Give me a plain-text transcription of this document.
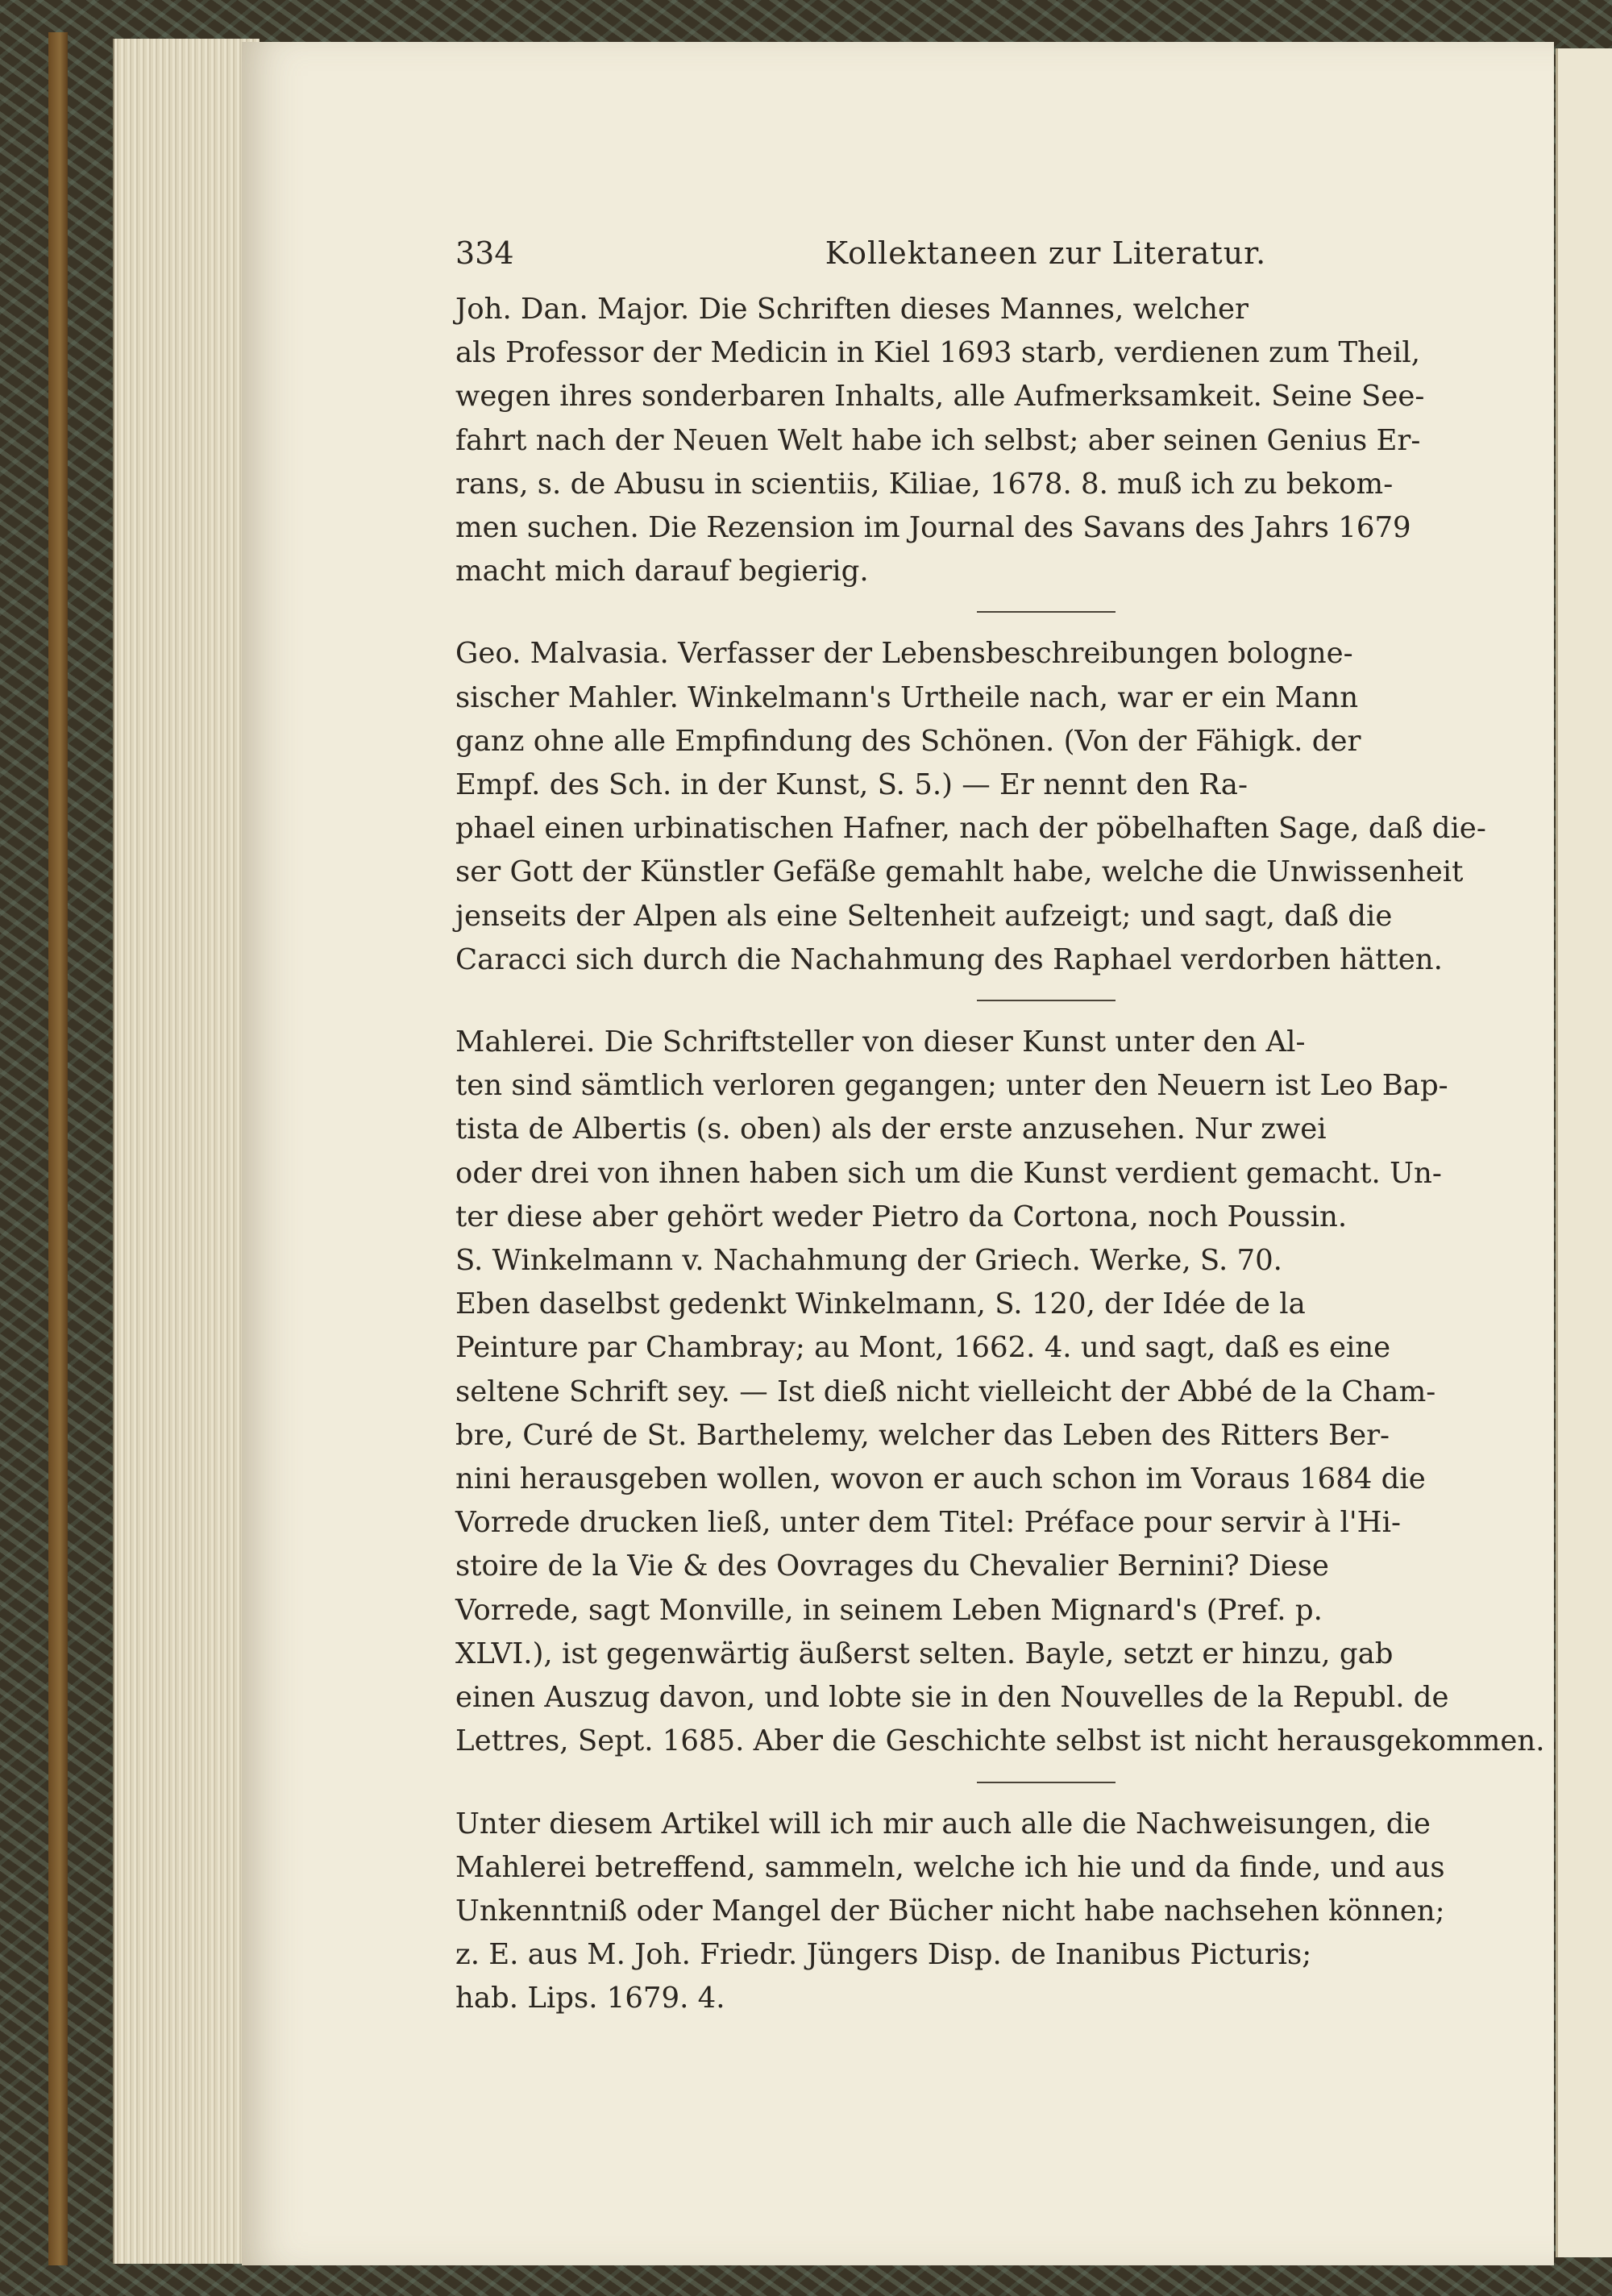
334	Kollektaneen zur Literatur.
Joh. Dan. Major. Die Schriften dieses Mannes, welcher
als Professor der Medicin in Kiel 1693 starb, verdienen zum Theil,
wegen ihres sonderbaren Inhalts, alle Aufmerksamkeit. Seine See-
fahrt nach der Neuen Welt habe ich selbst; aber seinen Genius Er-
rans, s. de Abusu in scientiis, Kiliae, 1678. 8. muß ich zu bekom-
men suchen. Die Rezension im Journal des Savans des Jahrs 1679
macht mich darauf begierig.
Geo. Malvasia. Verfasser der Lebensbeschreibungen bologne-
sischer Mahler. Winkelmann's Urtheile nach, war er ein Mann
ganz ohne alle Empfindung des Schönen. (Von der Fähigk. der
Empf. des Sch. in der Kunst, S. 5.) — Er nennt den Ra-
phael einen urbinatischen Hafner, nach der pöbelhaften Sage, daß die-
ser Gott der Künstler Gefäße gemahlt habe, welche die Unwissenheit
jenseits der Alpen als eine Seltenheit aufzeigt; und sagt, daß die
Caracci sich durch die Nachahmung des Raphael verdorben hätten.
Mahlerei. Die Schriftsteller von dieser Kunst unter den Al-
ten sind sämtlich verloren gegangen; unter den Neuern ist Leo Bap-
tista de Albertis (s. oben) als der erste anzusehen. Nur zwei
oder drei von ihnen haben sich um die Kunst verdient gemacht. Un-
ter diese aber gehört weder Pietro da Cortona, noch Poussin.
S. Winkelmann v. Nachahmung der Griech. Werke, S. 70.
Eben daselbst gedenkt Winkelmann, S. 120, der Idée de la
Peinture par Chambray; au Mont, 1662. 4. und sagt, daß es eine
seltene Schrift sey. — Ist dieß nicht vielleicht der Abbé de la Cham-
bre, Curé de St. Barthelemy, welcher das Leben des Ritters Ber-
nini herausgeben wollen, wovon er auch schon im Voraus 1684 die
Vorrede drucken ließ, unter dem Titel: Préface pour servir à l'Hi-
stoire de la Vie & des Oovrages du Chevalier Bernini? Diese
Vorrede, sagt Monville, in seinem Leben Mignard's (Pref. p.
XLVI.), ist gegenwärtig äußerst selten. Bayle, setzt er hinzu, gab
einen Auszug davon, und lobte sie in den Nouvelles de la Republ. de
Lettres, Sept. 1685. Aber die Geschichte selbst ist nicht herausgekommen.
Unter diesem Artikel will ich mir auch alle die Nachweisungen, die
Mahlerei betreffend, sammeln, welche ich hie und da finde, und aus
Unkenntniß oder Mangel der Bücher nicht habe nachsehen können;
z. E. aus M. Joh. Friedr. Jüngers Disp. de Inanibus Picturis;
hab. Lips. 1679. 4.
